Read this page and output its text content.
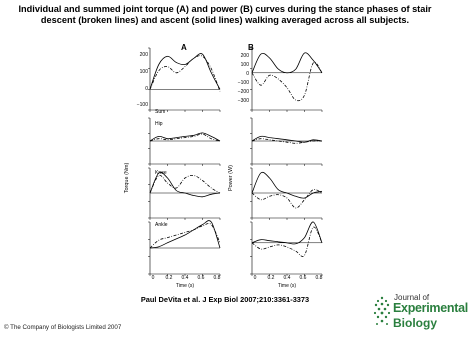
Individual and summed joint torque (A) and power (B) curves during the stance phases of stair descent (broken lines) and ascent (solid lines) walking averaged across all subjects.
A	B
Torque (Nm)	Power (W)
200
100
0
−100
200
100
0
−100
−200
−300
Sum
Hip
Knee
Ankle
0 0.2 0.4 0.6 0.8
Time (s)
0 0.2 0.4 0.6 0.8
Time (s)
Paul DeVita et al. J Exp Biol 2007;210:3361-3373
© The Company of Biologists Limited 2007
Journal of
Experimental
Biology
